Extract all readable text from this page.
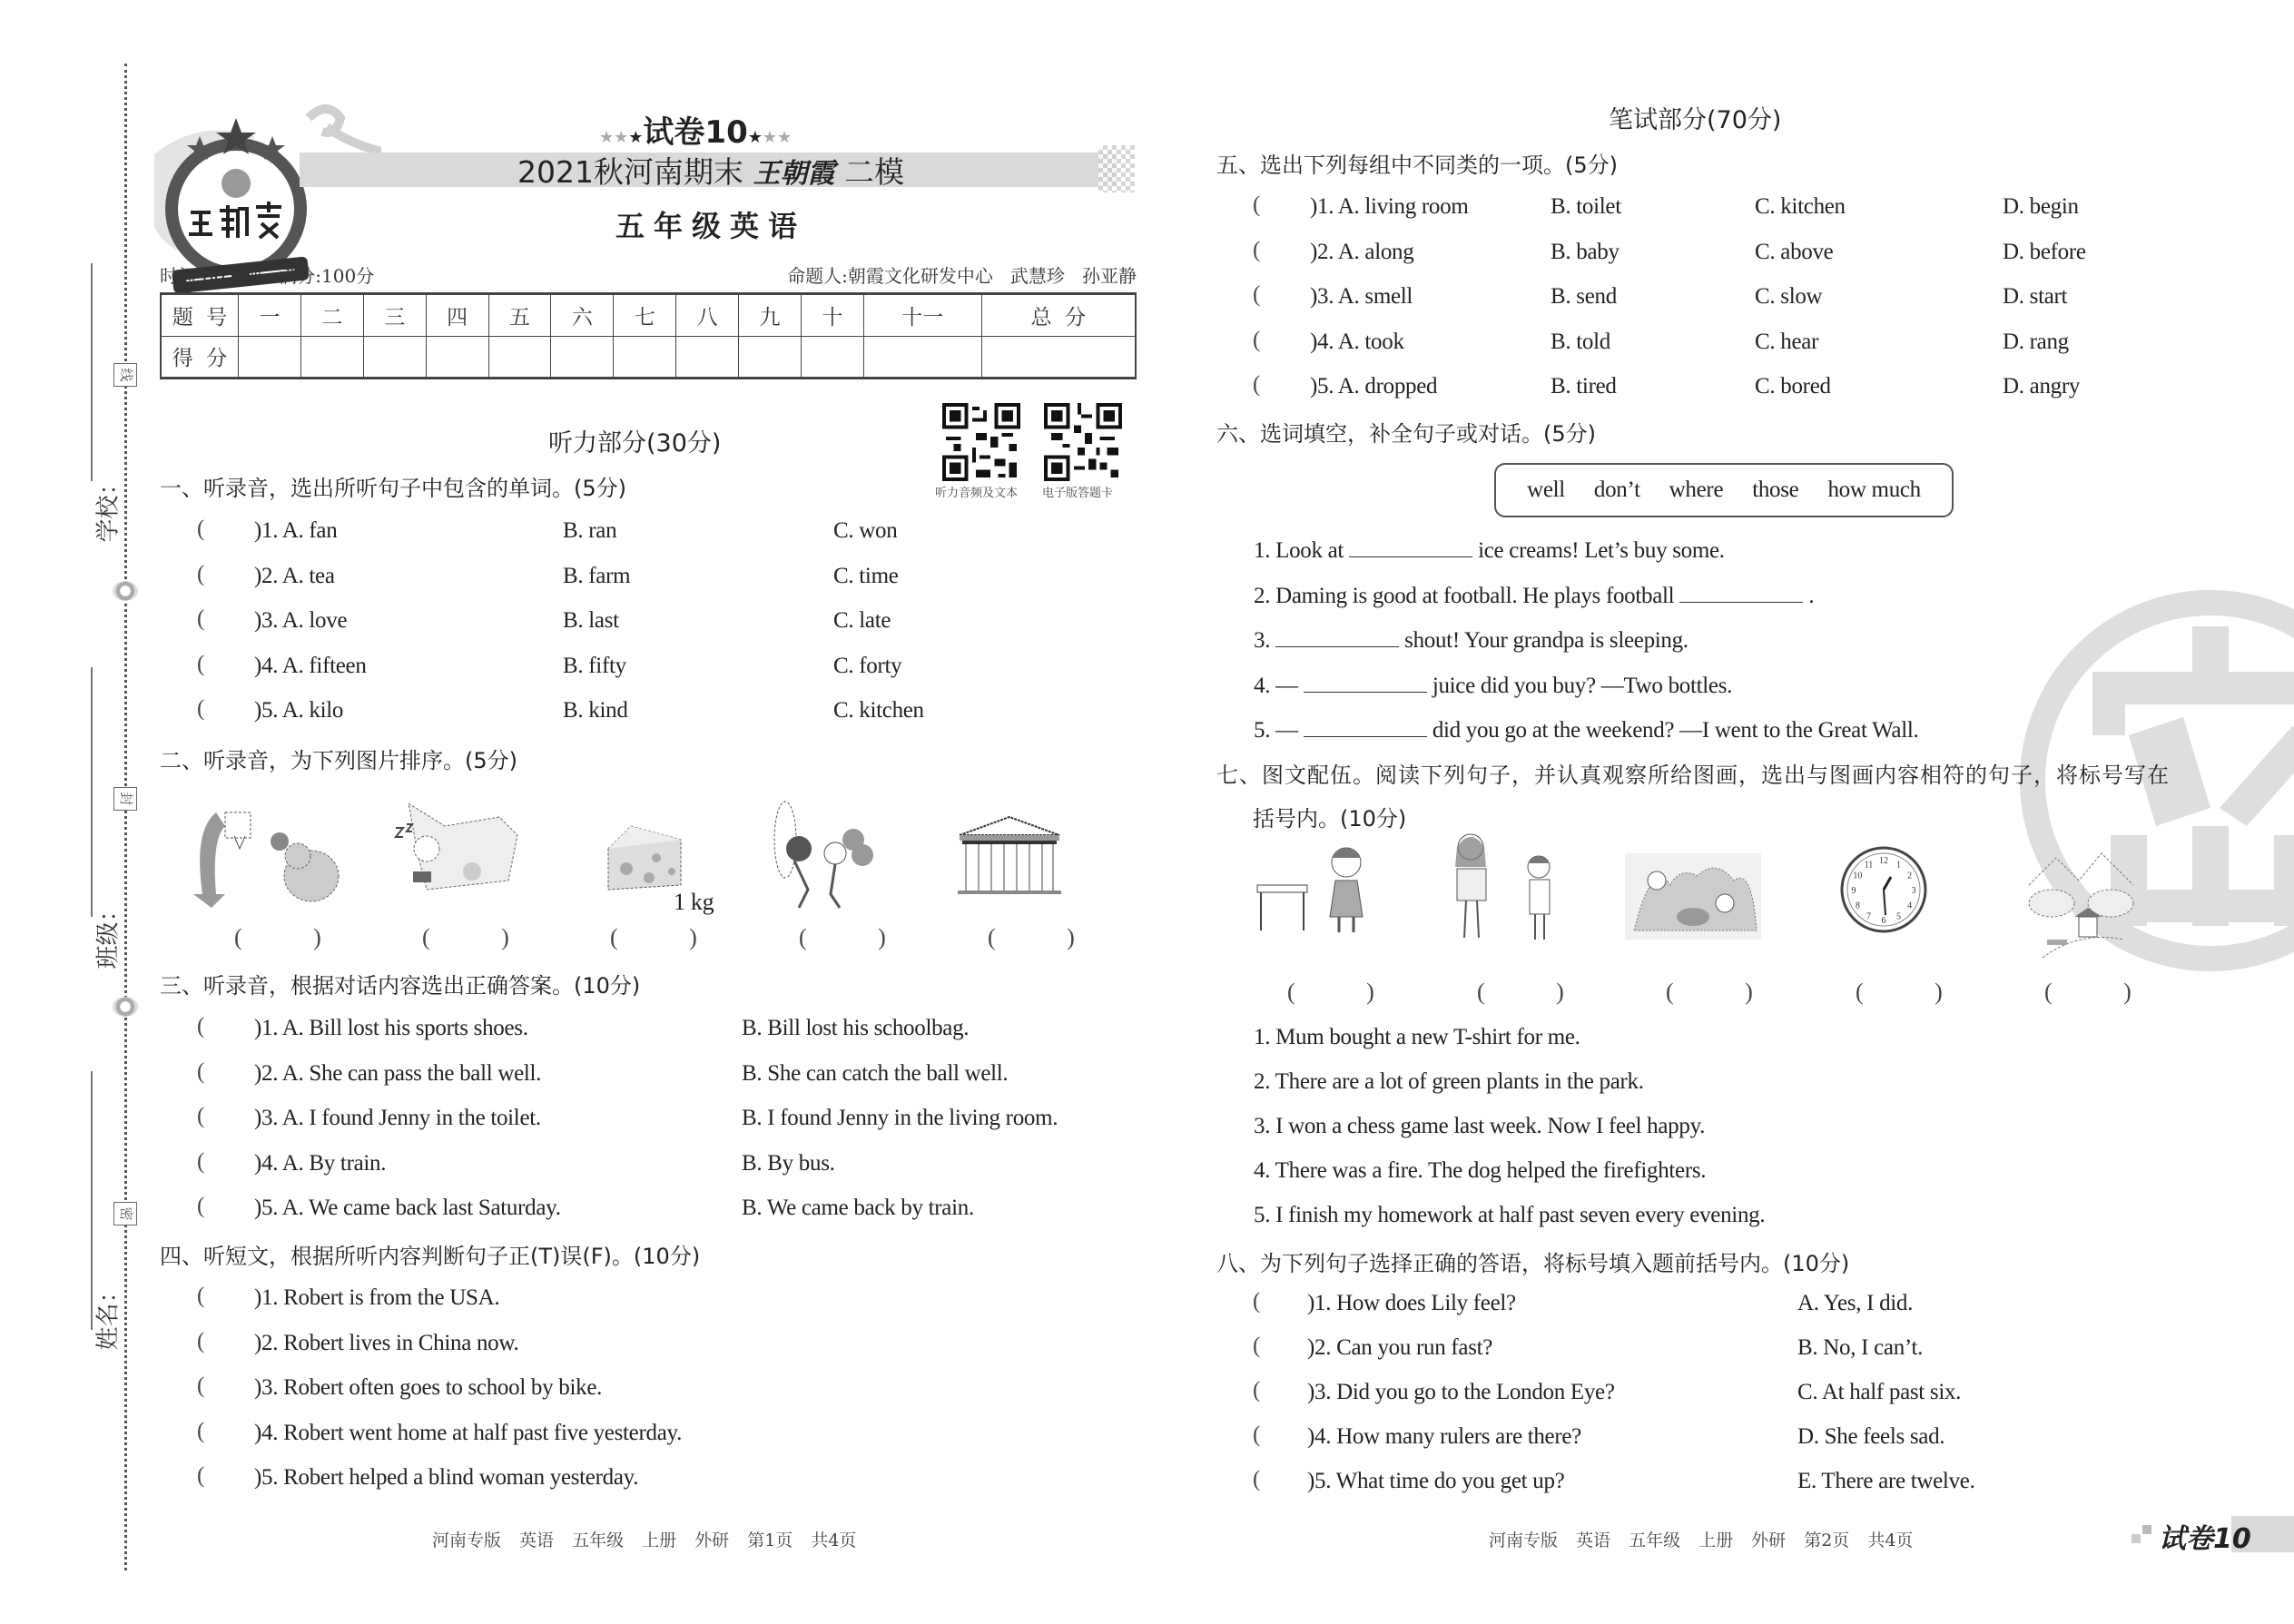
线
封
密
学校：
班级：
姓名：
★★★试卷10★★★
2021秋河南期末 王朝霞 二模
五年级英语
时间:60分钟   满分:100分	命题人:朝霞文化研发中心   武慧珍   孙亚静
题  号	一	二	三	四	五	六	七	八	九	十	十一	总  分
得  分												
听力音频及文本 电子版答题卡
听力部分(30分)
一、听录音，选出所听句子中包含的单词。(5分)
( )1. A. fan	B. ran	C. won
( )2. A. tea	B. farm	C. time
( )3. A. love	B. last	C. late
( )4. A. fifteen	B. fifty	C. forty
( )5. A. kilo	B. kind	C. kitchen
二、听录音，为下列图片排序。(5分)
1 kg
( )	( )	( )	( )	( )
三、听录音，根据对话内容选出正确答案。(10分)
( )1. A. Bill lost his sports shoes.	B. Bill lost his schoolbag.
( )2. A. She can pass the ball well.	B. She can catch the ball well.
( )3. A. I found Jenny in the toilet.	B. I found Jenny in the living room.
( )4. A. By train.	B. By bus.
( )5. A. We came back last Saturday.	B. We came back by train.
四、听短文，根据所听内容判断句子正(T)误(F)。(10分)
( )1. Robert is from the USA.
( )2. Robert lives in China now.
( )3. Robert often goes to school by bike.
( )4. Robert went home at half past five yesterday.
( )5. Robert helped a blind woman yesterday.
河南专版 英语 五年级 上册 外研 第1页 共4页
笔试部分(70分)
五、选出下列每组中不同类的一项。(5分)
( )1. A. living room	B. toilet	C. kitchen	D. begin
( )2. A. along	B. baby	C. above	D. before
( )3. A. smell	B. send	C. slow	D. start
( )4. A. took	B. told	C. hear	D. rang
( )5. A. dropped	B. tired	C. bored	D. angry
六、选词填空，补全句子或对话。(5分)
well don’t where those how much
1. Look at	ice creams! Let’s buy some.
2. Daming is good at football. He plays football	.
3.	shout! Your grandpa is sleeping.
4. —	juice did you buy? —Two bottles.
5. —	did you go at the weekend? —I went to the Great Wall.
七、图文配伍。阅读下列句子，并认真观察所给图画，选出与图画内容相符的句子，将标号写在
括号内。(10分)
12 1
2
3
4
5
6
7
8
9
10
11
( )	( )	( )	( )	( )
1. Mum bought a new T-shirt for me.
2. There are a lot of green plants in the park.
3. I won a chess game last week. Now I feel happy.
4. There was a fire. The dog helped the firefighters.
5. I finish my homework at half past seven every evening.
八、为下列句子选择正确的答语，将标号填入题前括号内。(10分)
( )1. How does Lily feel?	A. Yes, I did.
( )2. Can you run fast?	B. No, I can’t.
( )3. Did you go to the London Eye?	C. At half past six.
( )4. How many rulers are there?	D. She feels sad.
( )5. What time do you get up?	E. There are twelve.
河南专版 英语 五年级 上册 外研 第2页 共4页	试卷10
